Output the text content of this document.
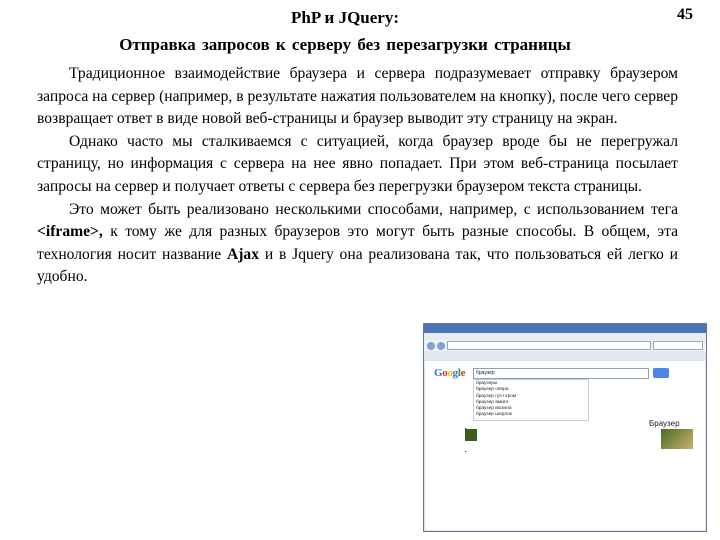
45
PhP и JQuery:
Отправка запросов к серверу без перезагрузки страницы

Традиционное взаимодействие браузера и сервера подразумевает отправку браузером запроса на сервер (например, в результате нажатия пользователем на кнопку), после чего сервер возвращает ответ в виде новой веб-страницы и браузер выводит эту страницу на экран.

Однако часто мы сталкиваемся с ситуацией, когда браузер вроде бы не перегружал страницу, но информация с сервера на нее явно попадает. При этом веб-страница посылает запросы на сервер и получает ответы с сервера без перегрузки браузером текста страницы.

Это может быть реализовано несколькими способами, например, с использованием тега <iframe>, к тому же для разных браузеров это могут быть разные способы. В общем, эта технология носит название Ajax и в Jquery она реализована так, что пользоваться ей легко и удобно.

Google	браузер
браузеры
браузер опера
браузер гугл хром
браузер амиго
браузер мозила
браузер шерлок

Браузер
